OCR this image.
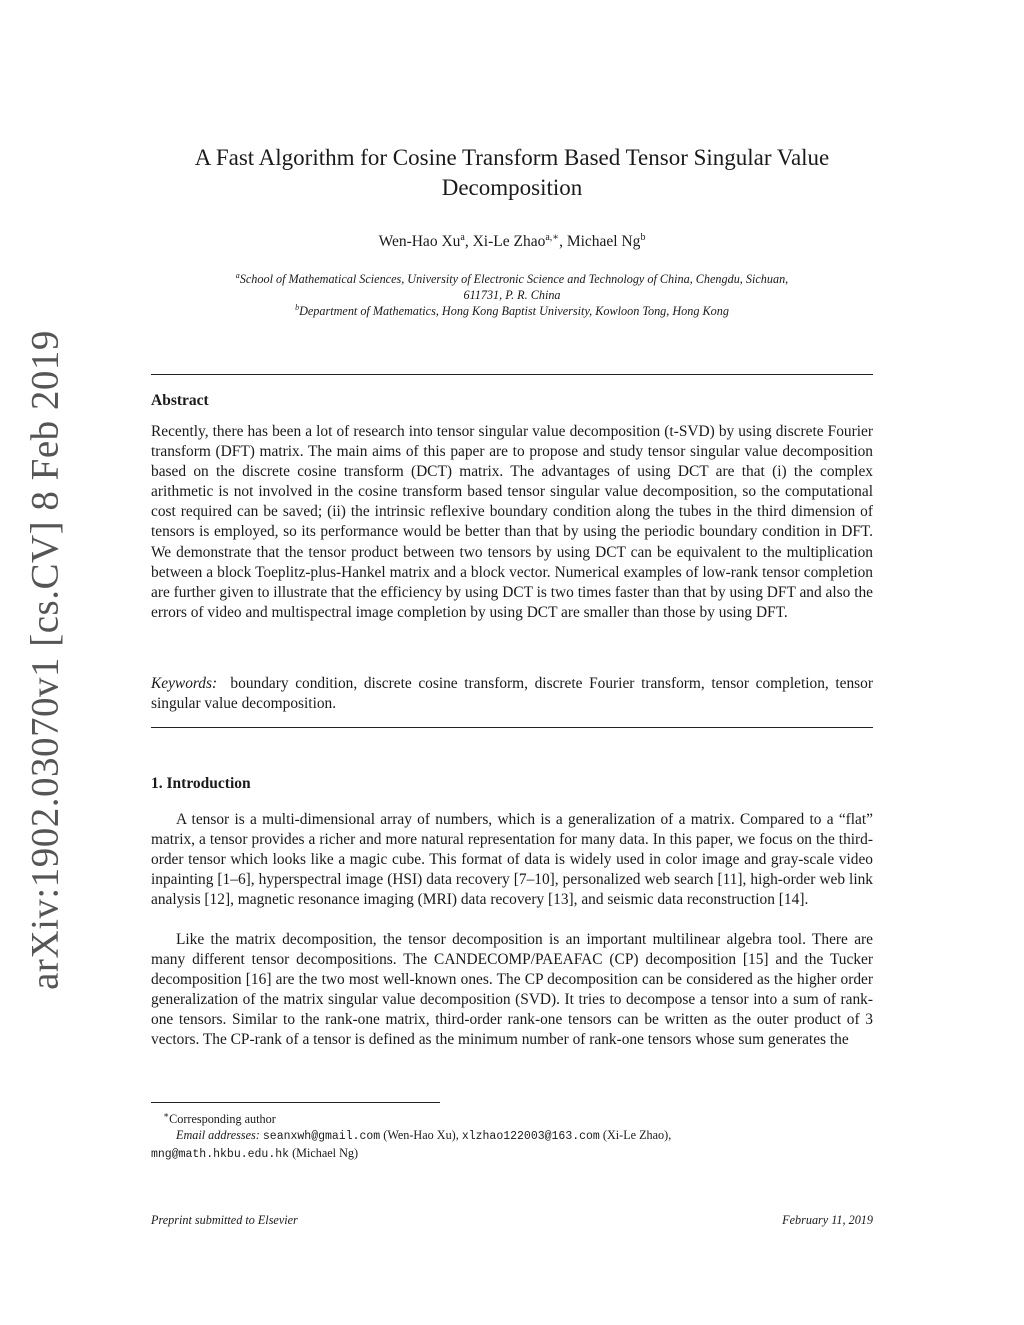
arXiv:1902.03070v1 [cs.CV] 8 Feb 2019
A Fast Algorithm for Cosine Transform Based Tensor Singular Value
Decomposition
Wen-Hao Xu$^a$, Xi-Le Zhao$^{a,∗}$, Michael Ng$^b$
$^a$School of Mathematical Sciences, University of Electronic Science and Technology of China, Chengdu, Sichuan,
611731, P. R. China
$^b$Department of Mathematics, Hong Kong Baptist University, Kowloon Tong, Hong Kong
Abstract
Recently, there has been a lot of research into tensor singular value decomposition (t-SVD) by using discrete Fourier transform (DFT) matrix. The main aims of this paper are to propose and study tensor singular value decomposition based on the discrete cosine transform (DCT) matrix. The advantages of using DCT are that (i) the complex arithmetic is not involved in the cosine transform based tensor singular value decomposition, so the computational cost required can be saved; (ii) the intrinsic reflexive boundary condition along the tubes in the third dimension of tensors is employed, so its performance would be better than that by using the periodic boundary condition in DFT. We demonstrate that the tensor product between two tensors by using DCT can be equivalent to the multiplication between a block Toeplitz-plus-Hankel matrix and a block vector. Numerical examples of low-rank tensor completion are further given to illustrate that the efficiency by using DCT is two times faster than that by using DFT and also the errors of video and multispectral image completion by using DCT are smaller than those by using DFT.
Keywords: boundary condition, discrete cosine transform, discrete Fourier transform, tensor completion, tensor singular value decomposition.
1. Introduction
A tensor is a multi-dimensional array of numbers, which is a generalization of a matrix. Compared to a “flat” matrix, a tensor provides a richer and more natural representation for many data. In this paper, we focus on the third-order tensor which looks like a magic cube. This format of data is widely used in color image and gray-scale video inpainting [1–6], hyperspectral image (HSI) data recovery [7–10], personalized web search [11], high-order web link analysis [12], magnetic resonance imaging (MRI) data recovery [13], and seismic data reconstruction [14].
Like the matrix decomposition, the tensor decomposition is an important multilinear algebra tool. There are many different tensor decompositions. The CANDECOMP/PAEAFAC (CP) decomposition [15] and the Tucker decomposition [16] are the two most well-known ones. The CP decomposition can be considered as the higher order generalization of the matrix singular value decomposition (SVD). It tries to decompose a tensor into a sum of rank-one tensors. Similar to the rank-one matrix, third-order rank-one tensors can be written as the outer product of 3 vectors. The CP-rank of a tensor is defined as the minimum number of rank-one tensors whose sum generates the
∗Corresponding author
Email addresses: seanxwh@gmail.com (Wen-Hao Xu), xlzhao122003@163.com (Xi-Le Zhao),
mng@math.hkbu.edu.hk (Michael Ng)
Preprint submitted to Elsevier	February 11, 2019
